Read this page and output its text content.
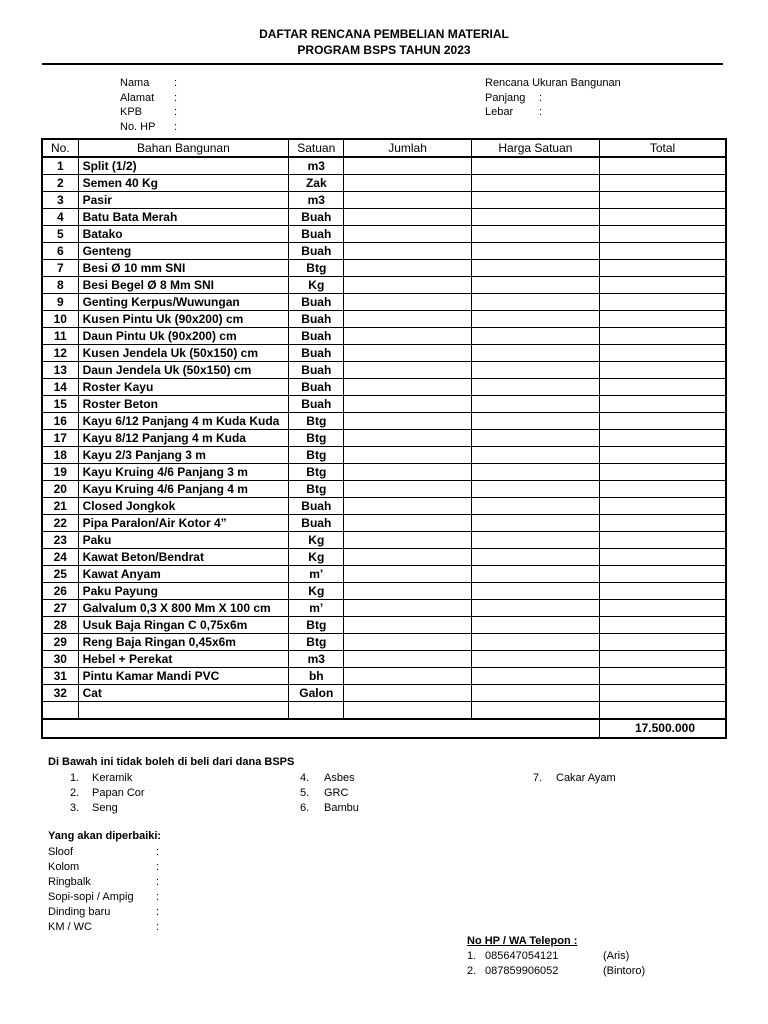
DAFTAR RENCANA PEMBELIAN MATERIAL
PROGRAM BSPS TAHUN 2023
Nama :
Alamat :
KPB	:
No. HP :
Rencana Ukuran Bangunan
Panjang :
Lebar :
No.	Bahan Bangunan	Satuan	Jumlah	Harga Satuan	Total
1	Split (1/2)	m3			
2	Semen 40 Kg	Zak			
3	Pasir	m3			
4	Batu Bata Merah	Buah			
5	Batako	Buah			
6	Genteng	Buah			
7	Besi Ø 10 mm SNI	Btg			
8	Besi Begel Ø 8 Mm SNI	Kg			
9	Genting Kerpus/Wuwungan	Buah			
10	Kusen Pintu Uk (90x200) cm	Buah			
11	Daun Pintu Uk (90x200) cm	Buah			
12	Kusen Jendela Uk (50x150) cm	Buah			
13	Daun Jendela Uk (50x150) cm	Buah			
14	Roster Kayu	Buah			
15	Roster Beton	Buah			
16	Kayu 6/12 Panjang 4 m Kuda Kuda	Btg			
17	Kayu 8/12 Panjang 4 m Kuda	Btg			
18	Kayu 2/3 Panjang 3 m	Btg			
19	Kayu Kruing 4/6 Panjang 3 m	Btg			
20	Kayu Kruing 4/6 Panjang 4 m	Btg			
21	Closed Jongkok	Buah			
22	Pipa Paralon/Air Kotor 4”	Buah			
23	Paku	Kg			
24	Kawat Beton/Bendrat	Kg			
25	Kawat Anyam	m’			
26	Paku Payung	Kg			
27	Galvalum 0,3 X 800 Mm X 100 cm	m’			
28	Usuk Baja Ringan C 0,75x6m	Btg			
29	Reng Baja Ringan 0,45x6m	Btg			
30	Hebel + Perekat	m3			
31	Pintu Kamar Mandi PVC	bh			
32	Cat	Galon			

					17.500.000
Di Bawah ini tidak boleh di beli dari dana BSPS
1. Keramik
2. Papan Cor
3. Seng
4. Asbes
5. GRC
6. Bambu
7. Cakar Ayam
Yang akan diperbaiki:
Sloof	:
Kolom	:
Ringbalk	:
Sopi-sopi / Ampig :
Dinding baru	:
KM / WC	:
No HP / WA Telepon :
1. 085647054121	(Aris)
2. 087859906052	(Bintoro)
